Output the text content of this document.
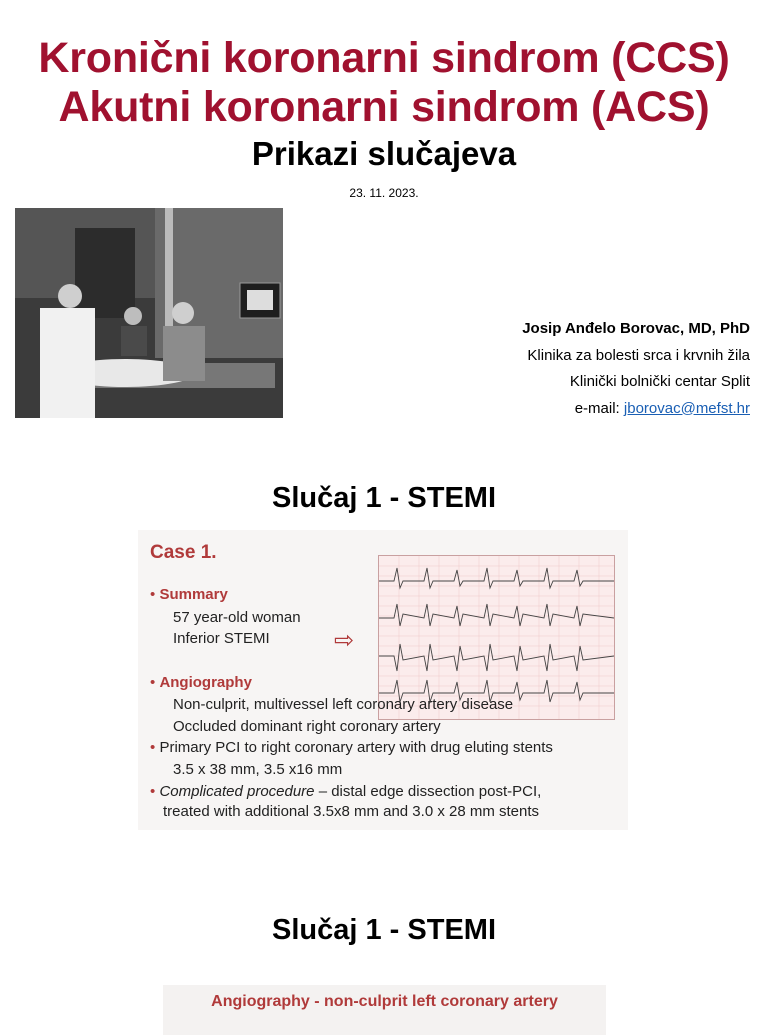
Kronični koronarni sindrom (CCS)
Akutni koronarni sindrom (ACS)
Prikazi slučajeva
23. 11. 2023.
Josip Anđelo Borovac, MD, PhD
Klinika za bolesti srca i krvnih žila
Klinički bolnički centar Split
e-mail: jborovac@mefst.hr
Slučaj 1 - STEMI
Case 1.
• Summary
57 year-old woman
Inferior STEMI	⇨
• Angiography
Non-culprit, multivessel left coronary artery disease
Occluded dominant right coronary artery
• Primary PCI to right coronary artery with drug eluting stents
3.5 x 38 mm, 3.5 x16 mm
• Complicated procedure – distal edge dissection post-PCI,
treated with additional 3.5x8 mm and 3.0 x 28 mm stents
Slučaj 1 - STEMI
Angiography - non-culprit left coronary artery
